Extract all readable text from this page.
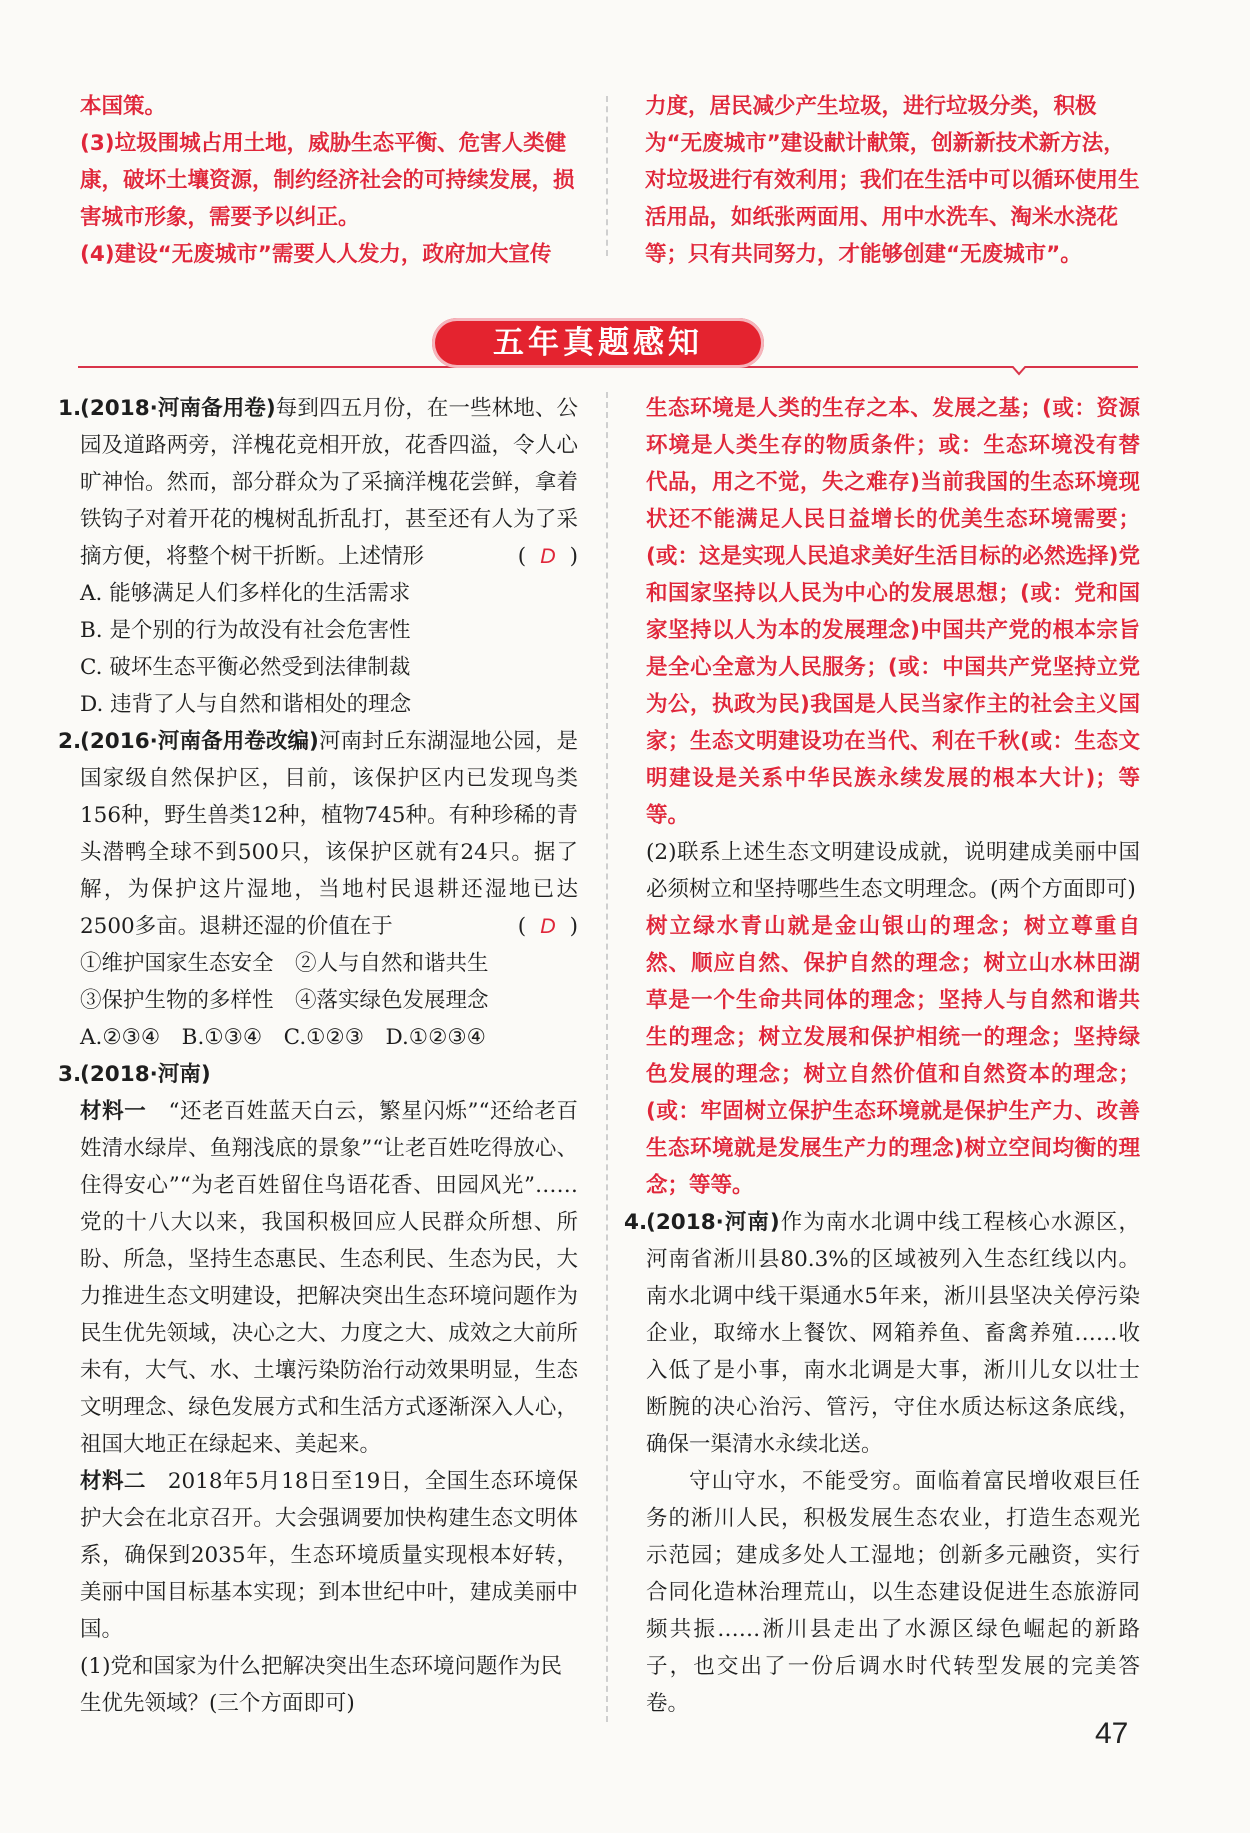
本国策。

(3)垃圾围城占用土地，威胁生态平衡、危害人类健康，破坏土壤资源，制约经济社会的可持续发展，损害城市形象，需要予以纠正。

(4)建设“无废城市”需要人人发力，政府加大宣传

力度，居民减少产生垃圾，进行垃圾分类，积极为“无废城市”建设献计献策，创新新技术新方法，对垃圾进行有效利用；我们在生活中可以循环使用生活用品，如纸张两面用、用中水洗车、淘米水浇花等；只有共同努力，才能够创建“无废城市”。

五年真题感知
1.

(2018·河南备用卷)每到四五月份，在一些林地、公园及道路两旁，洋槐花竞相开放，花香四溢，令人心旷神怡。然而，部分群众为了采摘洋槐花尝鲜，拿着铁钩子对着开花的槐树乱折乱打，甚至还有人为了采摘方便，将整个树干折断。上述情形	( D )

A. 能够满足人们多样化的生活需求

B. 是个别的行为故没有社会危害性

C. 破坏生态平衡必然受到法律制裁

D. 违背了人与自然和谐相处的理念

2.

(2016·河南备用卷改编)河南封丘东湖湿地公园，是国家级自然保护区，目前，该保护区内已发现鸟类156种，野生兽类12种，植物745种。有种珍稀的青头潜鸭全球不到500只，该保护区就有24只。据了解，为保护这片湿地，当地村民退耕还湿地已达2500多亩。退耕还湿的价值在于	( D )

①维护国家生态安全　②人与自然和谐共生

③保护生物的多样性　④落实绿色发展理念

A.②③④　B.①③④　C.①②③　D.①②③④

3.

(2018·河南)

材料一　 “还老百姓蓝天白云，繁星闪烁”“还给老百姓清水绿岸、鱼翔浅底的景象”“让老百姓吃得放心、住得安心”“为老百姓留住鸟语花香、田园风光”……党的十八大以来，我国积极回应人民群众所想、所盼、所急，坚持生态惠民、生态利民、生态为民，大力推进生态文明建设，把解决突出生态环境问题作为民生优先领域，决心之大、力度之大、成效之大前所未有，大气、水、土壤污染防治行动效果明显，生态文明理念、绿色发展方式和生活方式逐渐深入人心，祖国大地正在绿起来、美起来。

材料二　 2018年5月18日至19日，全国生态环境保护大会在北京召开。大会强调要加快构建生态文明体系，确保到2035年，生态环境质量实现根本好转，美丽中国目标基本实现；到本世纪中叶，建成美丽中国。

(1)党和国家为什么把解决突出生态环境问题作为民生优先领域？(三个方面即可)

生态环境是人类的生存之本、发展之基；(或：资源环境是人类生存的物质条件；或：生态环境没有替代品，用之不觉，失之难存)当前我国的生态环境现状还不能满足人民日益增长的优美生态环境需要；(或：这是实现人民追求美好生活目标的必然选择)党和国家坚持以人民为中心的发展思想；(或：党和国家坚持以人为本的发展理念)中国共产党的根本宗旨是全心全意为人民服务；(或：中国共产党坚持立党为公，执政为民)我国是人民当家作主的社会主义国家；生态文明建设功在当代、利在千秋(或：生态文明建设是关系中华民族永续发展的根本大计)；等等。

(2)联系上述生态文明建设成就，说明建成美丽中国必须树立和坚持哪些生态文明理念。(两个方面即可)

树立绿水青山就是金山银山的理念；树立尊重自然、顺应自然、保护自然的理念；树立山水林田湖草是一个生命共同体的理念；坚持人与自然和谐共生的理念；树立发展和保护相统一的理念；坚持绿色发展的理念；树立自然价值和自然资本的理念；(或：牢固树立保护生态环境就是保护生产力、改善生态环境就是发展生产力的理念)树立空间均衡的理念；等等。

4.

(2018·河南)作为南水北调中线工程核心水源区，河南省淅川县80.3%的区域被列入生态红线以内。南水北调中线干渠通水5年来，淅川县坚决关停污染企业，取缔水上餐饮、网箱养鱼、畜禽养殖……收入低了是小事，南水北调是大事，淅川儿女以壮士断腕的决心治污、管污，守住水质达标这条底线，确保一渠清水永续北送。

守山守水，不能受穷。面临着富民增收艰巨任务的淅川人民，积极发展生态农业，打造生态观光示范园；建成多处人工湿地；创新多元融资，实行合同化造林治理荒山，以生态建设促进生态旅游同频共振……淅川县走出了水源区绿色崛起的新路子，也交出了一份后调水时代转型发展的完美答卷。

47
